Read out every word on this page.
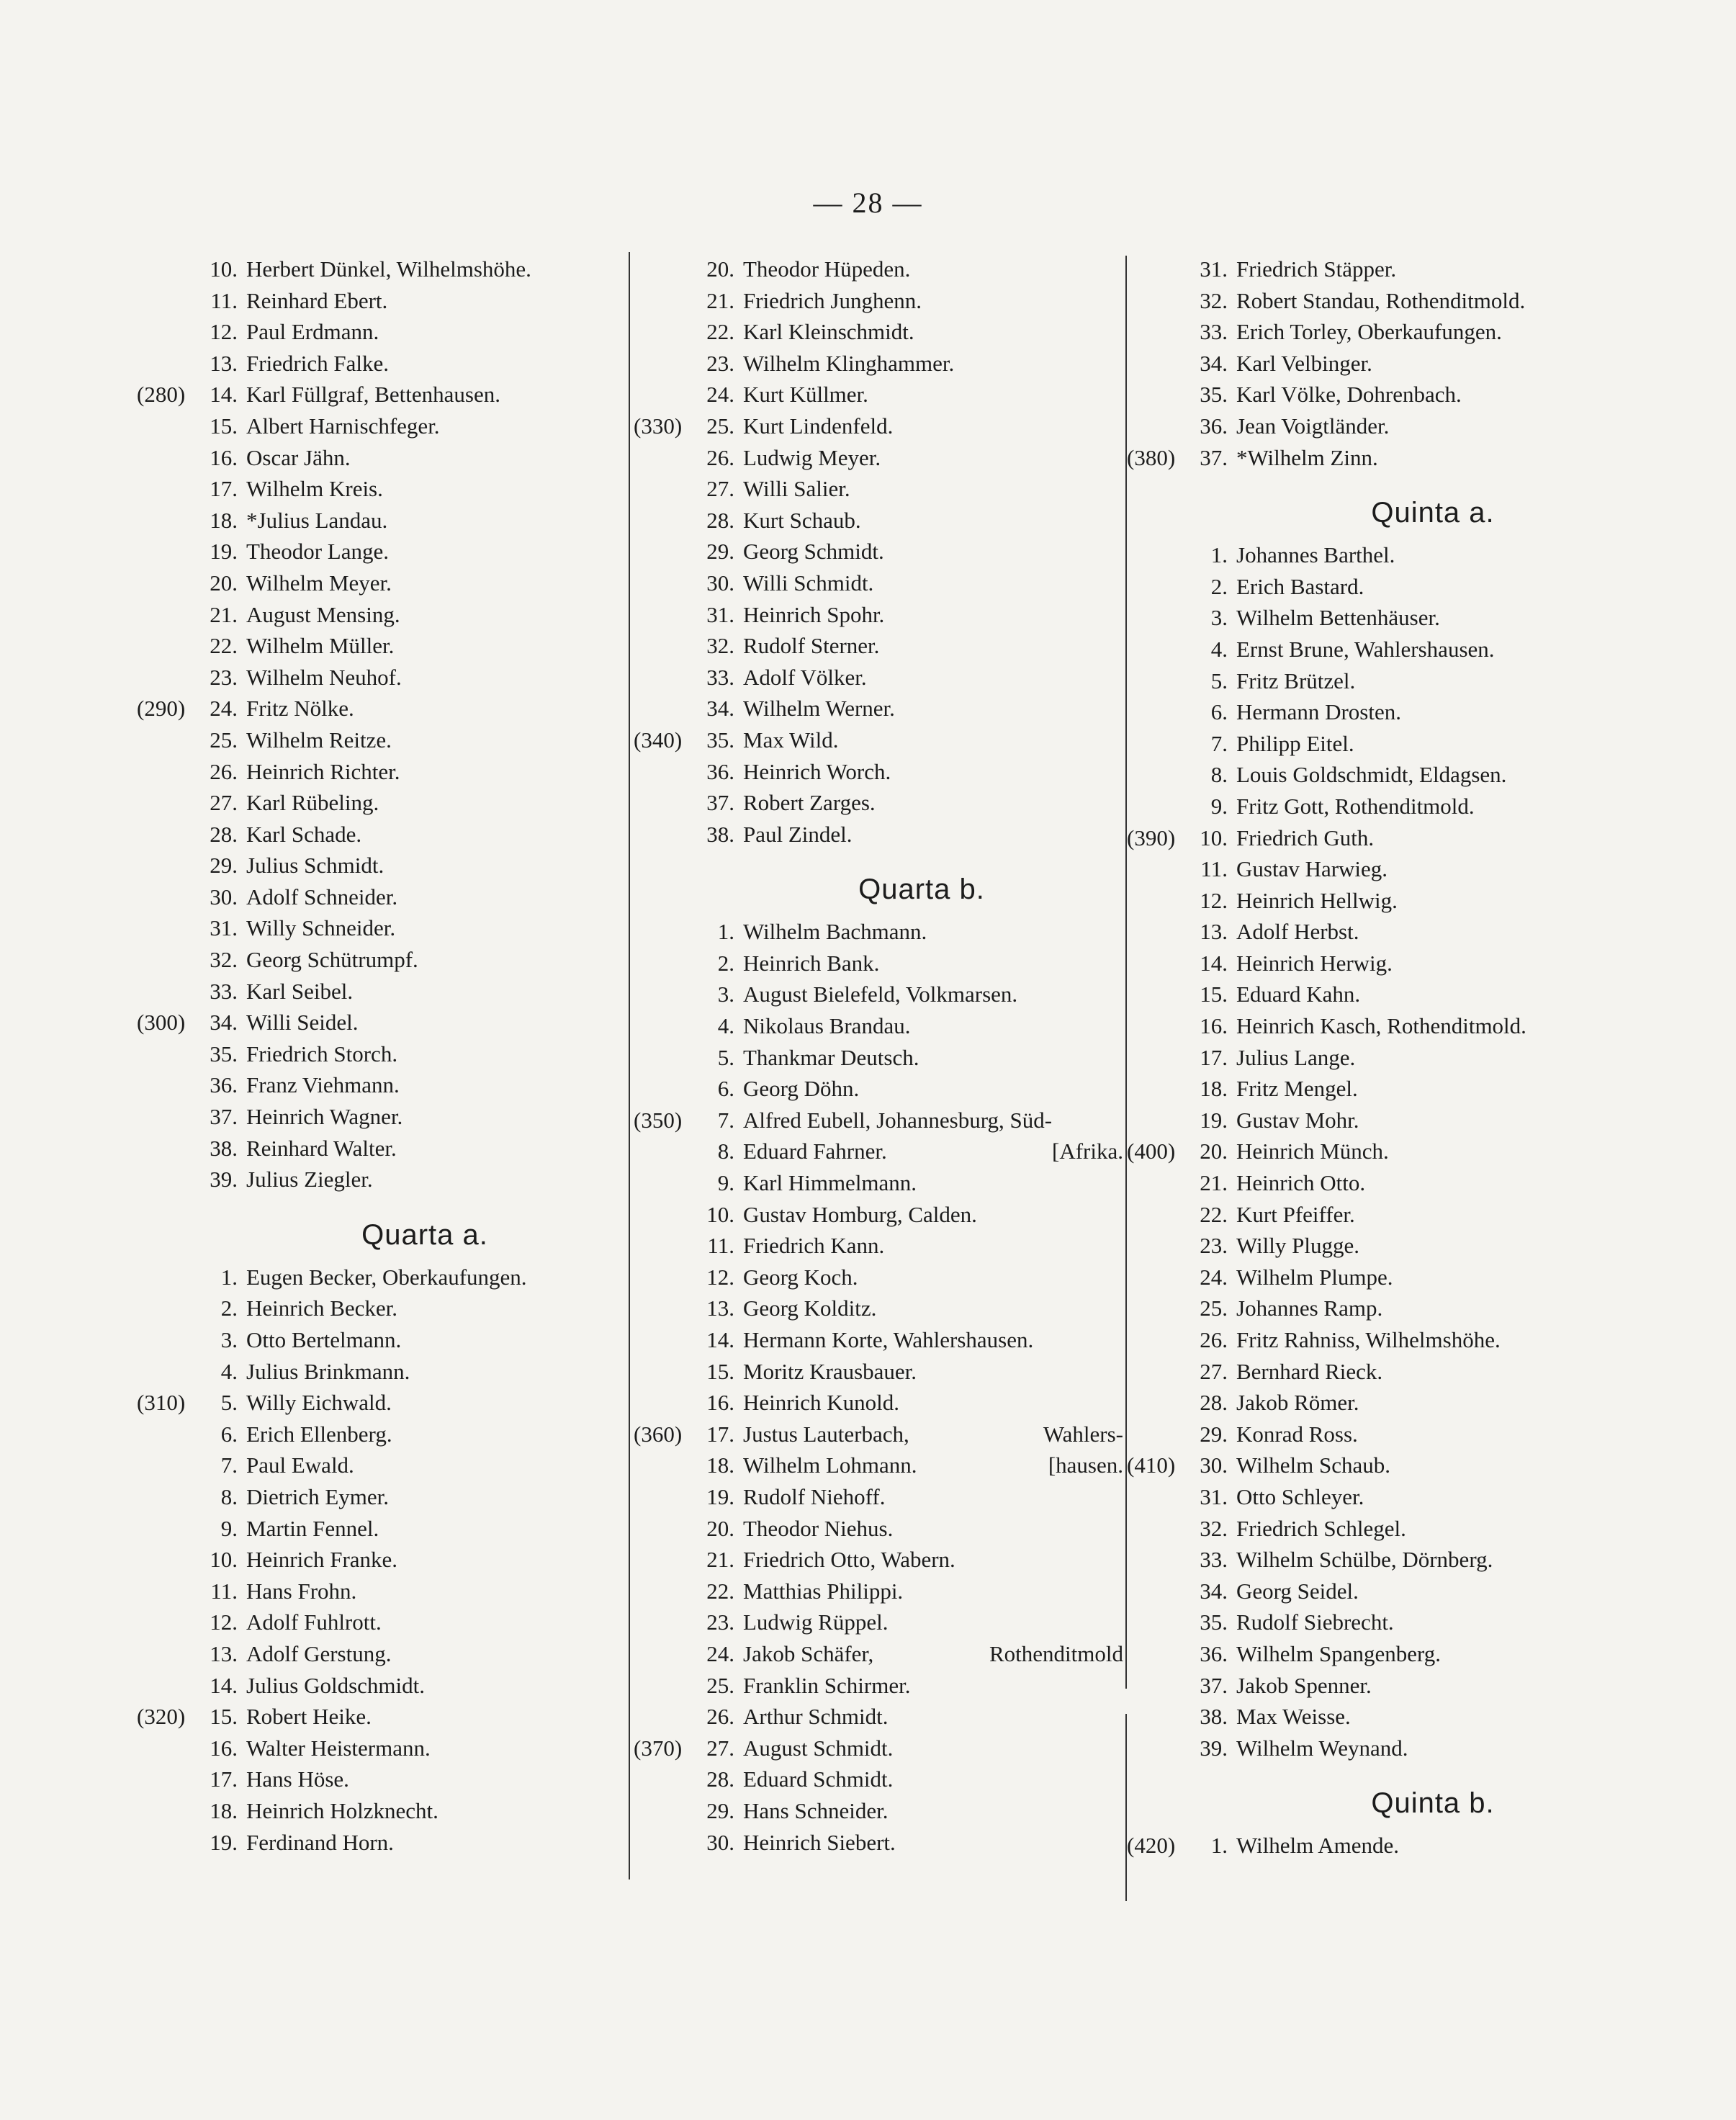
— 28 —
10. Herbert Dünkel, Wilhelmshöhe.
11. Reinhard Ebert.
12. Paul Erdmann.
13. Friedrich Falke.
(280)	14. Karl Füllgraf, Bettenhausen.
15. Albert Harnischfeger.
16. Oscar Jähn.
17. Wilhelm Kreis.
18. *Julius Landau.
19. Theodor Lange.
20. Wilhelm Meyer.
21. August Mensing.
22. Wilhelm Müller.
23. Wilhelm Neuhof.
(290)	24. Fritz Nölke.
25. Wilhelm Reitze.
26. Heinrich Richter.
27. Karl Rübeling.
28. Karl Schade.
29. Julius Schmidt.
30. Adolf Schneider.
31. Willy Schneider.
32. Georg Schütrumpf.
33. Karl Seibel.
(300)	34. Willi Seidel.
35. Friedrich Storch.
36. Franz Viehmann.
37. Heinrich Wagner.
38. Reinhard Walter.
39. Julius Ziegler.
Quarta a.
1. Eugen Becker, Oberkaufungen.
2. Heinrich Becker.
3. Otto Bertelmann.
4. Julius Brinkmann.
(310)	5. Willy Eichwald.
6. Erich Ellenberg.
7. Paul Ewald.
8. Dietrich Eymer.
9. Martin Fennel.
10. Heinrich Franke.
11. Hans Frohn.
12. Adolf Fuhlrott.
13. Adolf Gerstung.
14. Julius Goldschmidt.
(320)	15. Robert Heike.
16. Walter Heistermann.
17. Hans Höse.
18. Heinrich Holzknecht.
19. Ferdinand Horn.
20. Theodor Hüpeden.
21. Friedrich Junghenn.
22. Karl Kleinschmidt.
23. Wilhelm Klinghammer.
24. Kurt Küllmer.
(330)	25. Kurt Lindenfeld.
26. Ludwig Meyer.
27. Willi Salier.
28. Kurt Schaub.
29. Georg Schmidt.
30. Willi Schmidt.
31. Heinrich Spohr.
32. Rudolf Sterner.
33. Adolf Völker.
34. Wilhelm Werner.
(340)	35. Max Wild.
36. Heinrich Worch.
37. Robert Zarges.
38. Paul Zindel.
Quarta b.
1. Wilhelm Bachmann.
2. Heinrich Bank.
3. August Bielefeld, Volkmarsen.
4. Nikolaus Brandau.
5. Thankmar Deutsch.
6. Georg Döhn.
(350)	7. Alfred Eubell, Johannesburg, Süd-
8. Eduard Fahrner.	[Afrika.
9. Karl Himmelmann.
10. Gustav Homburg, Calden.
11. Friedrich Kann.
12. Georg Koch.
13. Georg Kolditz.
14. Hermann Korte, Wahlershausen.
15. Moritz Krausbauer.
16. Heinrich Kunold.
(360)	17. Justus Lauterbach,	Wahlers-
18. Wilhelm Lohmann.	[hausen.
19. Rudolf Niehoff.
20. Theodor Niehus.
21. Friedrich Otto, Wabern.
22. Matthias Philippi.
23. Ludwig Rüppel.
24. Jakob Schäfer,	Rothenditmold
25. Franklin Schirmer.
26. Arthur Schmidt.
(370)	27. August Schmidt.
28. Eduard Schmidt.
29. Hans Schneider.
30. Heinrich Siebert.
31. Friedrich Stäpper.
32. Robert Standau, Rothenditmold.
33. Erich Torley, Oberkaufungen.
34. Karl Velbinger.
35. Karl Völke, Dohrenbach.
36. Jean Voigtländer.
(380)	37. *Wilhelm Zinn.
Quinta a.
1. Johannes Barthel.
2. Erich Bastard.
3. Wilhelm Bettenhäuser.
4. Ernst Brune, Wahlershausen.
5. Fritz Brützel.
6. Hermann Drosten.
7. Philipp Eitel.
8. Louis Goldschmidt, Eldagsen.
9. Fritz Gott, Rothenditmold.
(390)	10. Friedrich Guth.
11. Gustav Harwieg.
12. Heinrich Hellwig.
13. Adolf Herbst.
14. Heinrich Herwig.
15. Eduard Kahn.
16. Heinrich Kasch, Rothenditmold.
17. Julius Lange.
18. Fritz Mengel.
19. Gustav Mohr.
(400)	20. Heinrich Münch.
21. Heinrich Otto.
22. Kurt Pfeiffer.
23. Willy Plugge.
24. Wilhelm Plumpe.
25. Johannes Ramp.
26. Fritz Rahniss, Wilhelmshöhe.
27. Bernhard Rieck.
28. Jakob Römer.
29. Konrad Ross.
(410)	30. Wilhelm Schaub.
31. Otto Schleyer.
32. Friedrich Schlegel.
33. Wilhelm Schülbe, Dörnberg.
34. Georg Seidel.
35. Rudolf Siebrecht.
36. Wilhelm Spangenberg.
37. Jakob Spenner.
38. Max Weisse.
39. Wilhelm Weynand.
Quinta b.
(420)	1. Wilhelm Amende.
